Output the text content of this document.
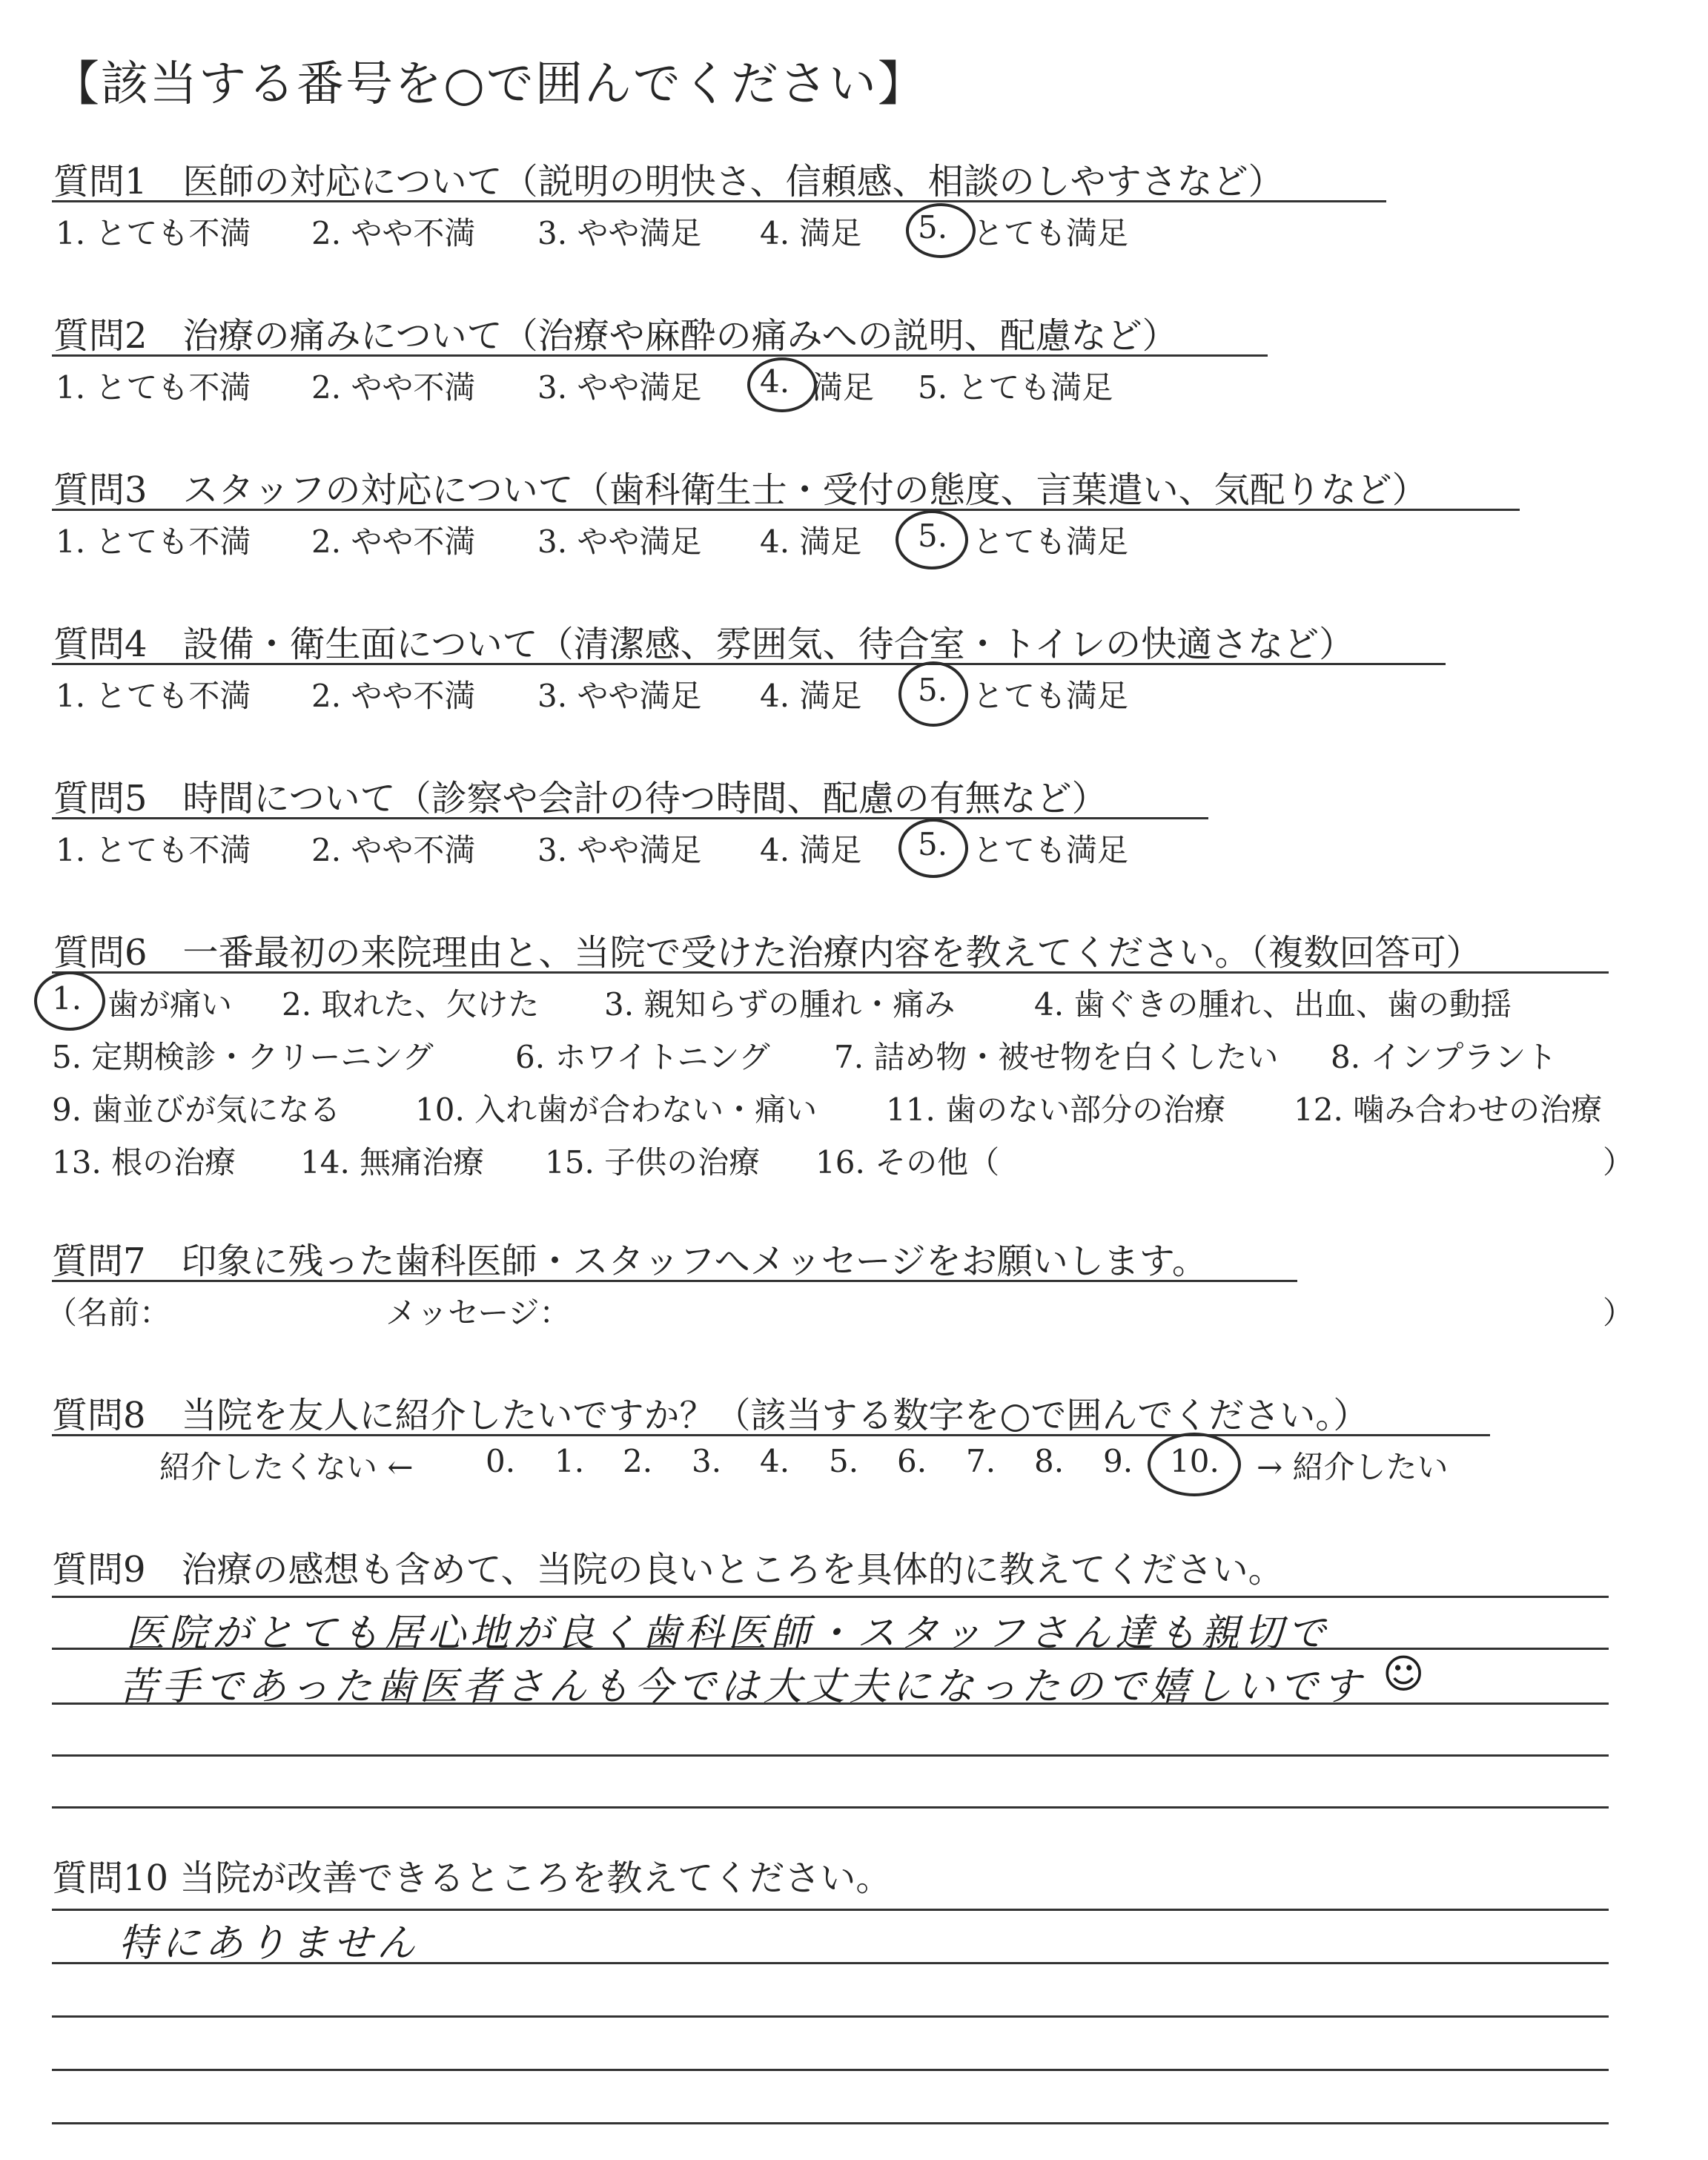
【該当する番号を○で囲んでください】
質問1　医師の対応について（説明の明快さ、信頼感、相談のしやすさなど）
1. とても不満 2. やや不満 3. やや満足 4. 満足 5. とても満足
質問2　治療の痛みについて（治療や麻酔の痛みへの説明、配慮など）
1. とても不満 2. やや不満 3. やや満足 4. 満足 5. とても満足
質問3　スタッフの対応について（歯科衛生士・受付の態度、言葉遣い、気配りなど）
1. とても不満 2. やや不満 3. やや満足 4. 満足 5. とても満足
質問4　設備・衛生面について（清潔感、雰囲気、待合室・トイレの快適さなど）
1. とても不満 2. やや不満 3. やや満足 4. 満足 5. とても満足
質問5　時間について（診察や会計の待つ時間、配慮の有無など）
1. とても不満 2. やや不満 3. やや満足 4. 満足 5. とても満足
質問6　一番最初の来院理由と、当院で受けた治療内容を教えてください。（複数回答可）
1. 歯が痛い 2. 取れた、欠けた 3. 親知らずの腫れ・痛み	4. 歯ぐきの腫れ、出血、歯の動揺
5. 定期検診・クリーニング	6. ホワイトニング 7. 詰め物・被せ物を白くしたい 8. インプラント
9. 歯並びが気になる 10. 入れ歯が合わない・痛い 11. 歯のない部分の治療 12. 噛み合わせの治療
13. 根の治療 14. 無痛治療 15. 子供の治療 16. その他（	）
質問7　印象に残った歯科医師・スタッフへメッセージをお願いします。
（名前：	メッセージ：	）
質問8　当院を友人に紹介したいですか？（該当する数字を○で囲んでください。）
紹介したくない ← 0. 1. 2. 3. 4. 5. 6. 7. 8. 9. 10. → 紹介したい
質問9　治療の感想も含めて、当院の良いところを具体的に教えてください。
医院がとても居心地が良く歯科医師・スタッフさん達も親切で
苦手であった歯医者さんも今では大丈夫になったので嬉しいです ☺
質問10 当院が改善できるところを教えてください。
特にありません
